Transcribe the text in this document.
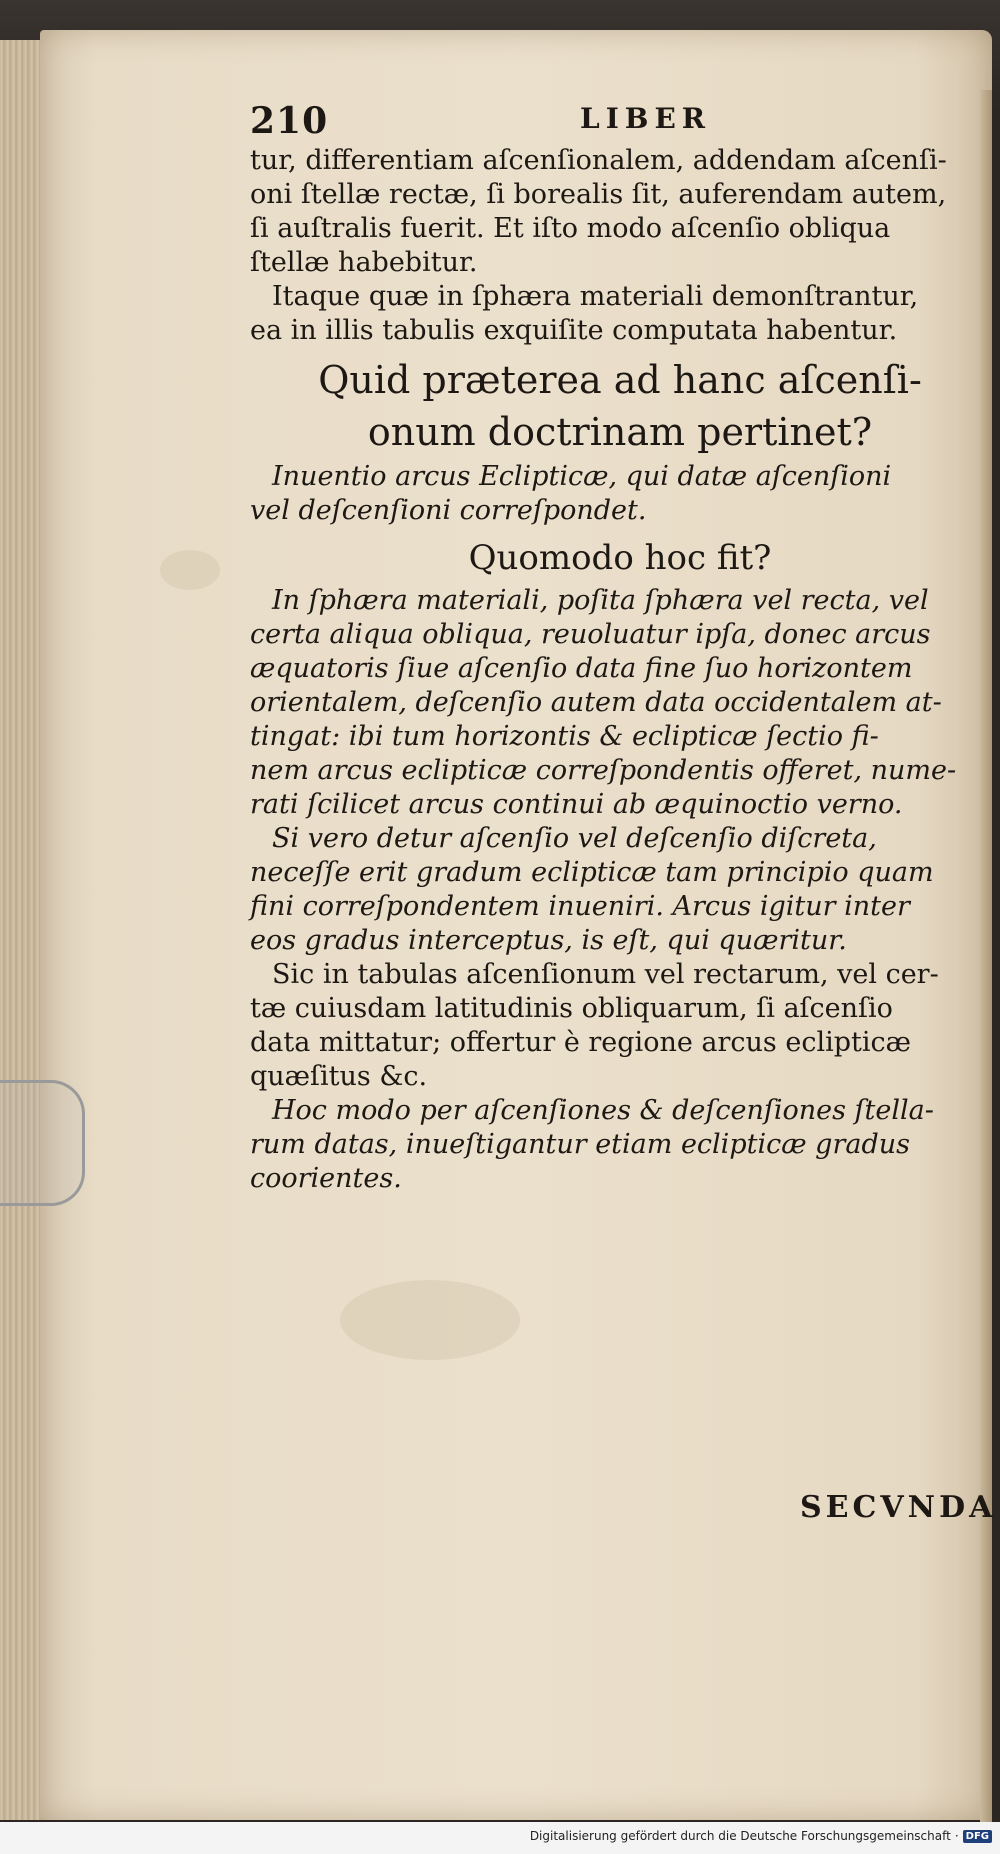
210	LIBER
tur, differentiam aſcenſionalem, addendam aſcenſi-
oni ſtellæ rectæ, ſi borealis ſit, auferendam autem,
ſi auſtralis fuerit. Et iſto modo aſcenſio obliqua
ſtellæ habebitur.
Itaque quæ in ſphæra materiali demonſtrantur,
ea in illis tabulis exquiſite computata habentur.
Quid præterea ad hanc aſcenſi-
onum doctrinam pertinet?
Inuentio arcus Eclipticæ, qui datæ aſcenſioni
vel deſcenſioni correſpondet.
Quomodo hoc fit?
In ſphæra materiali, poſita ſphæra vel recta, vel
certa aliqua obliqua, reuoluatur ipſa, donec arcus
æquatoris ſiue aſcenſio data fine ſuo horizontem
orientalem, deſcenſio autem data occidentalem at-
tingat: ibi tum horizontis & eclipticæ ſectio fi-
nem arcus eclipticæ correſpondentis offeret, nume-
rati ſcilicet arcus continui ab æquinoctio verno.
Si vero detur aſcenſio vel deſcenſio diſcreta,
neceſſe erit gradum eclipticæ tam principio quam
fini correſpondentem inueniri. Arcus igitur inter
eos gradus interceptus, is eſt, qui quæritur.
Sic in tabulas aſcenſionum vel rectarum, vel cer-
tæ cuiusdam latitudinis obliquarum, ſi aſcenſio
data mittatur; offertur è regione arcus eclipticæ
quæſitus &c.
Hoc modo per aſcenſiones & deſcenſiones ſtella-
rum datas, inueſtigantur etiam eclipticæ gradus
coorientes.
SECVNDA
Digitalisierung gefördert durch die Deutsche Forschungsgemeinschaft · DFG
